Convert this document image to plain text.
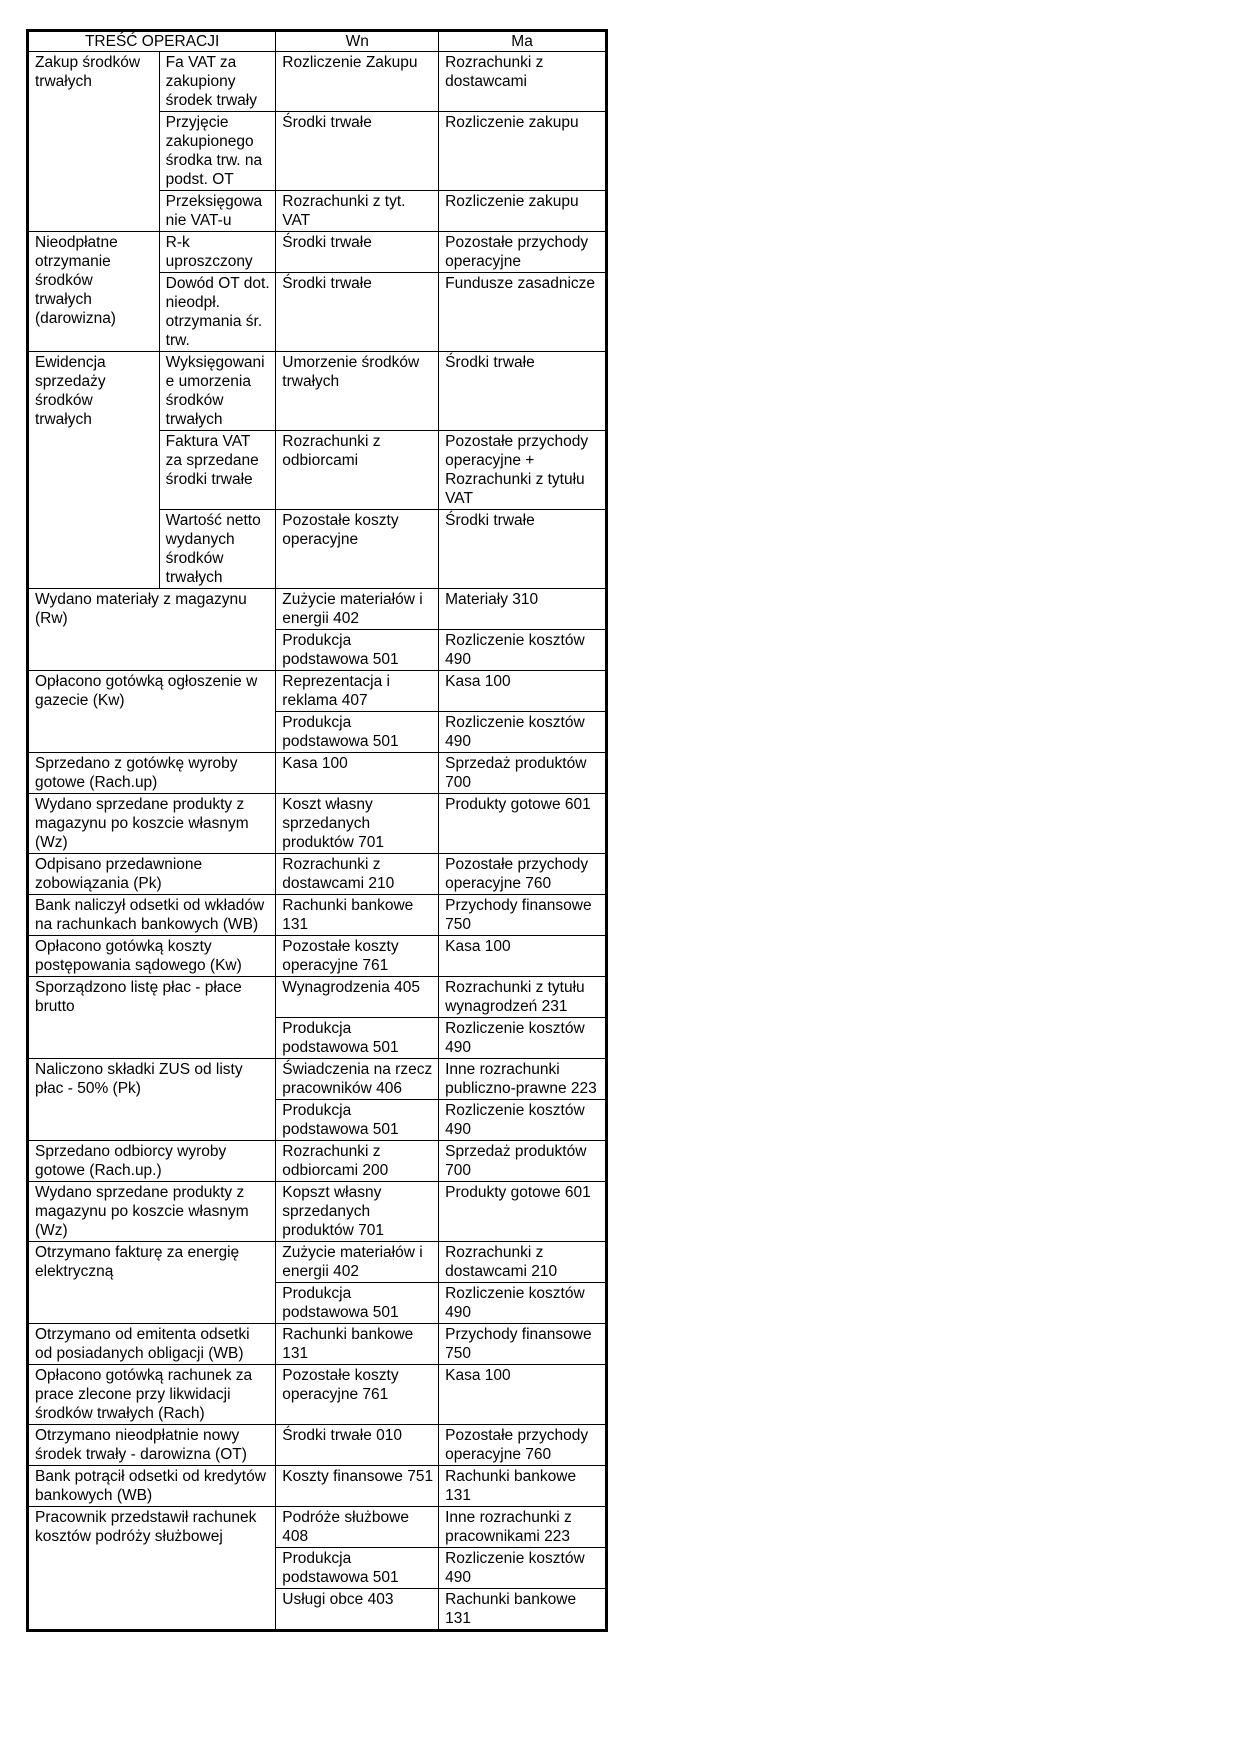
TREŚĆ OPERACJI		Wn	Ma
Zakup środków trwałych	Fa VAT za zakupiony środek trwały	Rozliczenie Zakupu	Rozrachunki z dostawcami
	Przyjęcie zakupionego środka trw. na podst. OT	Środki trwałe	Rozliczenie zakupu
	Przeksięgowanie VAT-u	Rozrachunki z tyt. VAT	Rozliczenie zakupu
Nieodpłatne otrzymanie środków trwałych (darowizna)	R-k uproszczony	Środki trwałe	Pozostałe przychody operacyjne
	Dowód OT dot. nieodpł. otrzymania śr. trw.	Środki trwałe	Fundusze zasadnicze
Ewidencja sprzedaży środków trwałych	Wyksięgowanie umorzenia środków trwałych	Umorzenie środków trwałych	Środki trwałe
	Faktura VAT za sprzedane środki trwałe	Rozrachunki z odbiorcami	Pozostałe przychody operacyjne + Rozrachunki z tytułu VAT
	Wartość netto wydanych środków trwałych	Pozostałe koszty operacyjne	Środki trwałe
Wydano materiały z magazynu (Rw)		Zużycie materiałów i energii 402	Materiały 310
		Produkcja podstawowa 501	Rozliczenie kosztów 490
Opłacono gotówką ogłoszenie w gazecie (Kw)		Reprezentacja i reklama 407	Kasa 100
		Produkcja podstawowa 501	Rozliczenie kosztów 490
Sprzedano z gotówkę wyroby gotowe (Rach.up)		Kasa 100	Sprzedaż produktów 700
Wydano sprzedane produkty z magazynu po koszcie własnym (Wz)		Koszt własny sprzedanych produktów 701	Produkty gotowe 601
Odpisano przedawnione zobowiązania (Pk)		Rozrachunki z dostawcami 210	Pozostałe przychody operacyjne 760
Bank naliczył odsetki od wkładów na rachunkach bankowych (WB)		Rachunki bankowe 131	Przychody finansowe 750
Opłacono gotówką koszty postępowania sądowego (Kw)		Pozostałe koszty operacyjne 761	Kasa 100
Sporządzono listę płac - płace brutto		Wynagrodzenia 405	Rozrachunki z tytułu wynagrodzeń 231
		Produkcja podstawowa 501	Rozliczenie kosztów 490
Naliczono składki ZUS od listy płac - 50% (Pk)		Świadczenia na rzecz pracowników 406	Inne rozrachunki publiczno-prawne 223
		Produkcja podstawowa 501	Rozliczenie kosztów 490
Sprzedano odbiorcy wyroby gotowe (Rach.up.)		Rozrachunki z odbiorcami 200	Sprzedaż produktów 700
Wydano sprzedane produkty z magazynu po koszcie własnym (Wz)		Kopszt własny sprzedanych produktów 701	Produkty gotowe 601
Otrzymano fakturę za energię elektryczną		Zużycie materiałów i energii 402	Rozrachunki z dostawcami 210
		Produkcja podstawowa 501	Rozliczenie kosztów 490
Otrzymano od emitenta odsetki od posiadanych obligacji (WB)		Rachunki bankowe 131	Przychody finansowe 750
Opłacono gotówką rachunek za prace zlecone przy likwidacji środków trwałych (Rach)		Pozostałe koszty operacyjne 761	Kasa 100
Otrzymano nieodpłatnie nowy środek trwały - darowizna (OT)		Środki trwałe 010	Pozostałe przychody operacyjne 760
Bank potrącił odsetki od kredytów bankowych (WB)		Koszty finansowe 751	Rachunki bankowe 131
Pracownik przedstawił rachunek kosztów podróży służbowej		Podróże służbowe 408	Inne rozrachunki z pracownikami 223
		Produkcja podstawowa 501	Rozliczenie kosztów 490
		Usługi obce 403	Rachunki bankowe 131
